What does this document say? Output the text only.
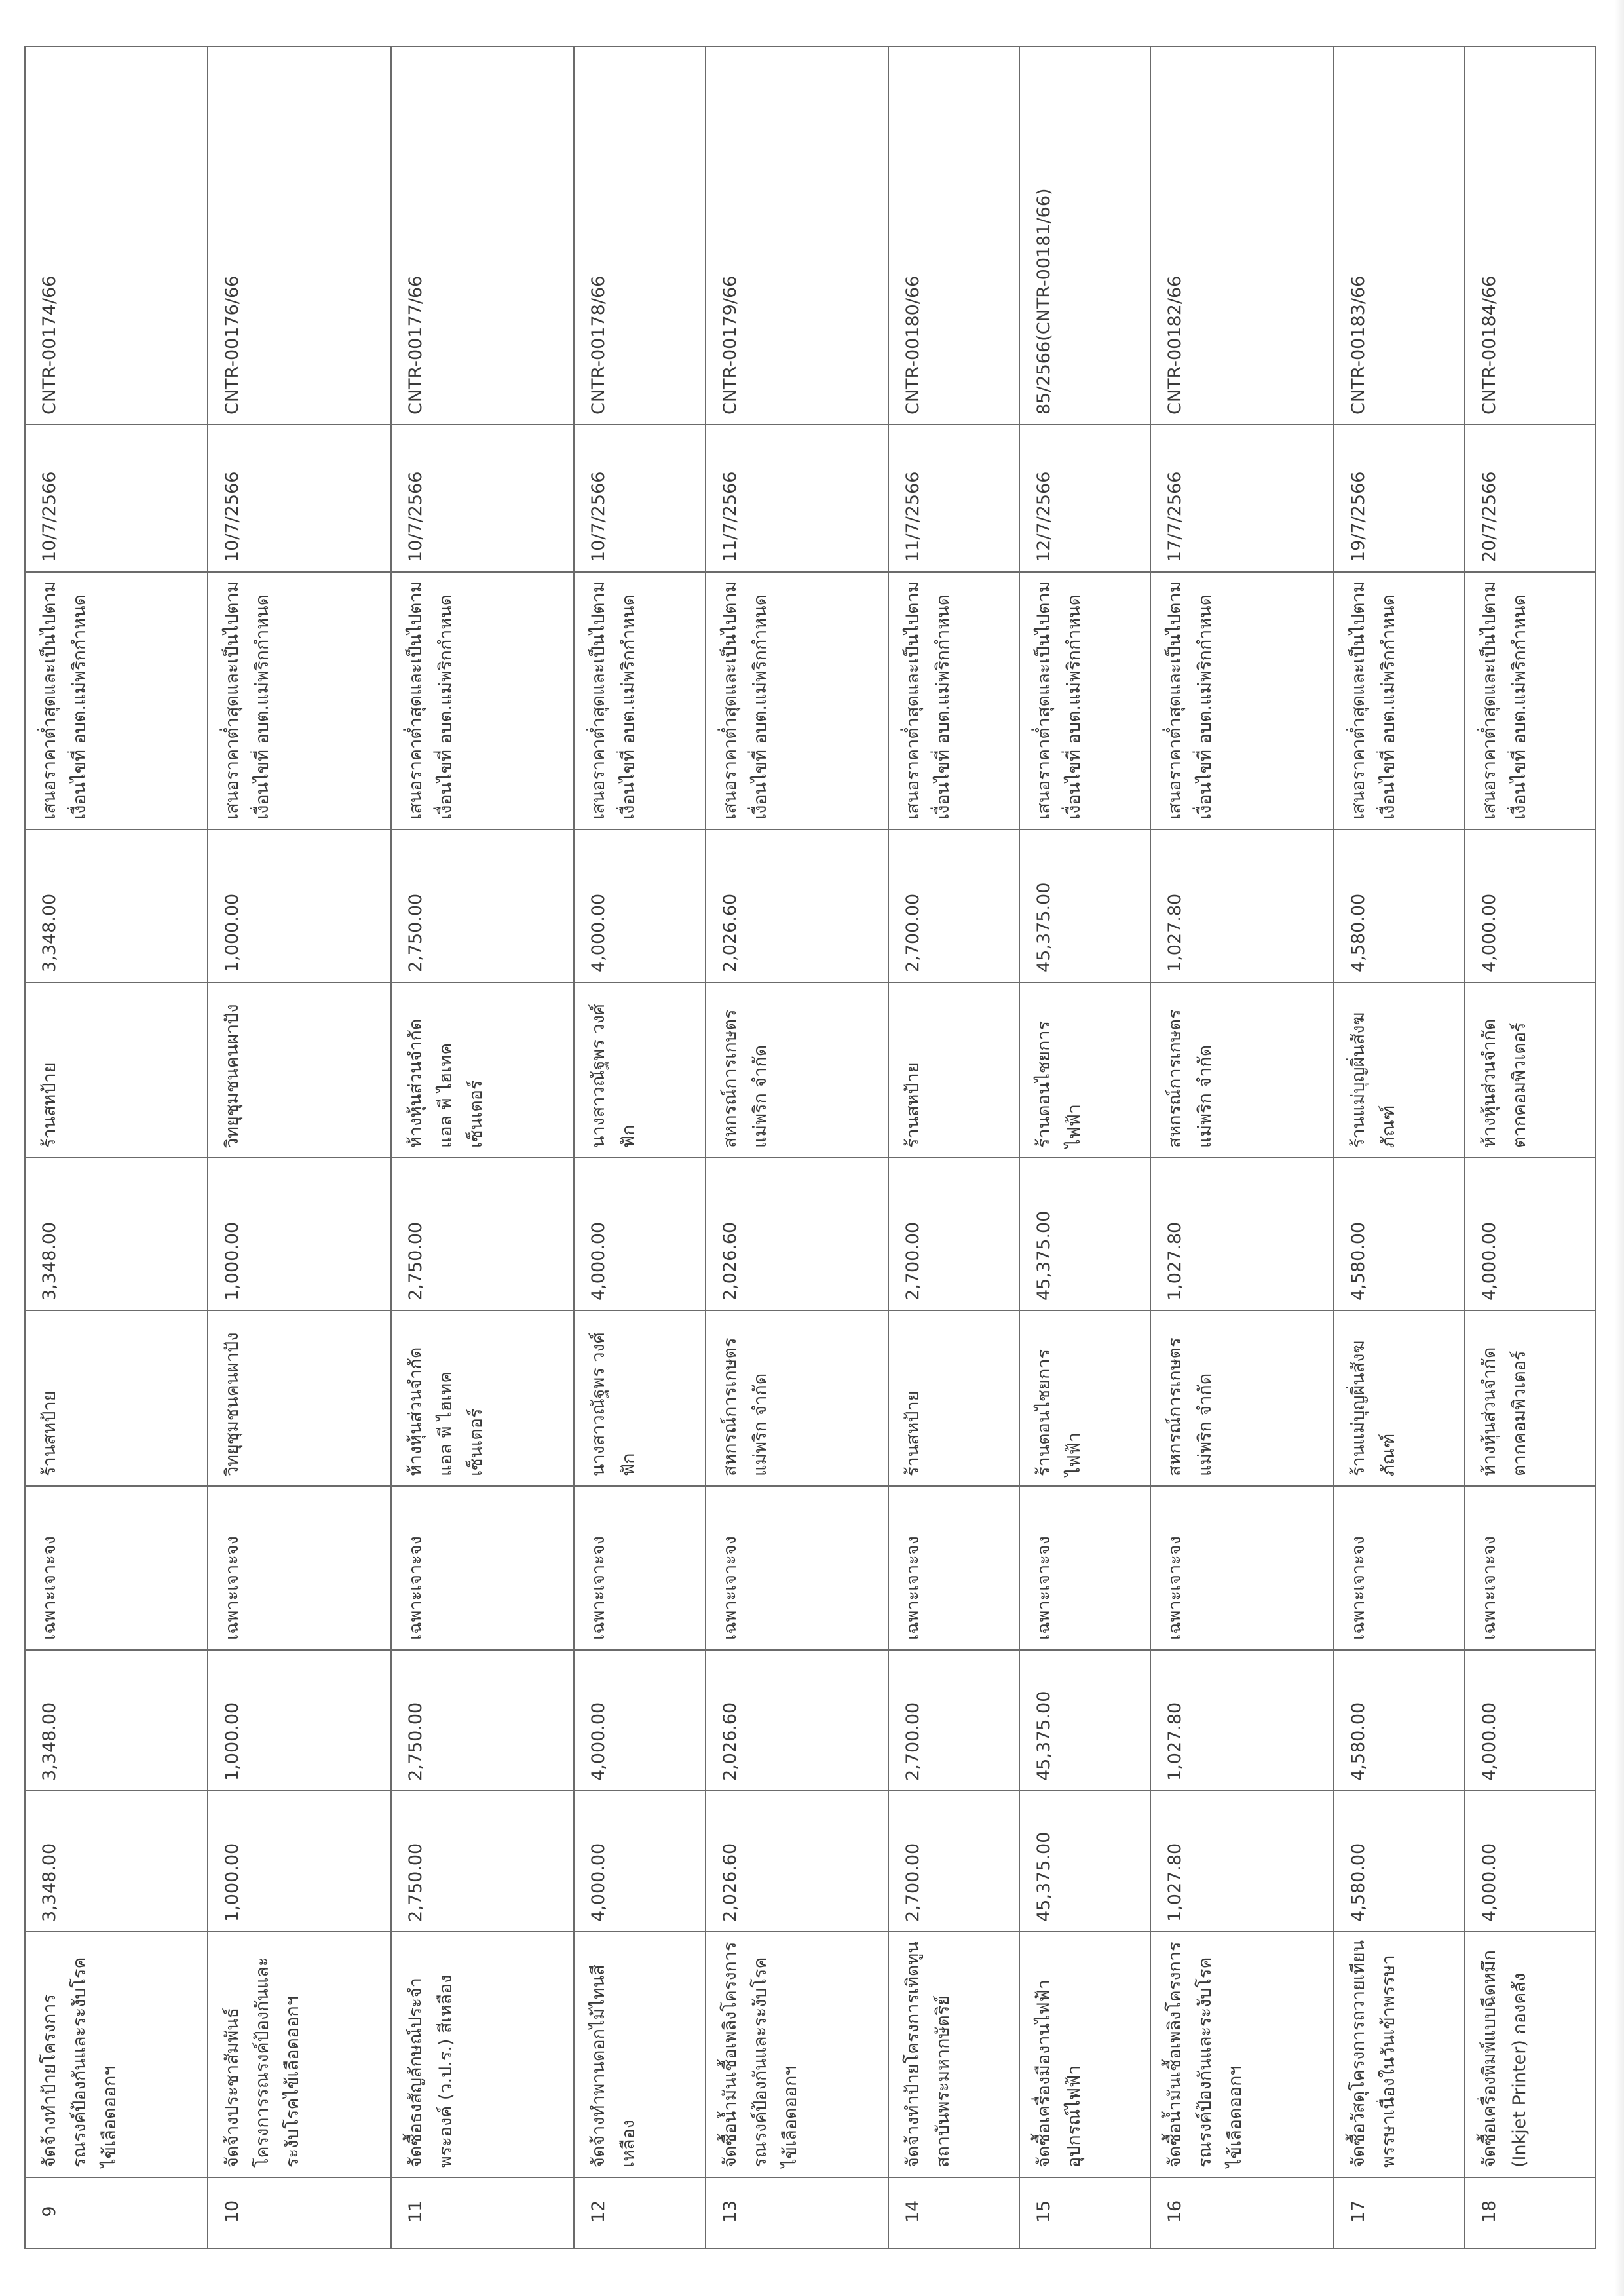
9	จัดจ้างทำป้ายโครงการรณรงค์ป้องกันและระงับโรคไข้เลือดออกฯ	3,348.00	3,348.00	เฉพาะเจาะจง	ร้านสหป้าย	3,348.00	ร้านสหป้าย	3,348.00	เสนอราคาต่ำสุดและเป็นไปตามเงื่อนไขที่ อบต.แม่พริกกำหนด	10/7/2566	CNTR-00174/66
10	จัดจ้างประชาสัมพันธ์โครงการรณรงค์ป้องกันและระงับโรคไข้เลือดออกฯ	1,000.00	1,000.00	เฉพาะเจาะจง	วิทยุชุมชนคนผาปัง	1,000.00	วิทยุชุมชนคนผาปัง	1,000.00	เสนอราคาต่ำสุดและเป็นไปตามเงื่อนไขที่ อบต.แม่พริกกำหนด	10/7/2566	CNTR-00176/66
11	จัดซื้อธงสัญลักษณ์ประจำพระองค์ (ว.ป.ร.) สีเหลือง	2,750.00	2,750.00	เฉพาะเจาะจง	ห้างหุ้นส่วนจำกัด แอล พี ไฮเทค เซ็นเตอร์	2,750.00	ห้างหุ้นส่วนจำกัด แอล พี ไฮเทค เซ็นเตอร์	2,750.00	เสนอราคาต่ำสุดและเป็นไปตามเงื่อนไขที่ อบต.แม่พริกกำหนด	10/7/2566	CNTR-00177/66
12	จัดจ้างทำพานดอกไม้ไทนสีเหลือง	4,000.00	4,000.00	เฉพาะเจาะจง	นางสาวณัฐพร วงศ์ฟัก	4,000.00	นางสาวณัฐพร วงศ์ฟัก	4,000.00	เสนอราคาต่ำสุดและเป็นไปตามเงื่อนไขที่ อบต.แม่พริกกำหนด	10/7/2566	CNTR-00178/66
13	จัดซื้อน้ำมันเชื้อเพลิงโครงการรณรงค์ป้องกันและระงับโรคไข้เลือดออกฯ	2,026.60	2,026.60	เฉพาะเจาะจง	สหกรณ์การเกษตรแม่พริก จำกัด	2,026.60	สหกรณ์การเกษตรแม่พริก จำกัด	2,026.60	เสนอราคาต่ำสุดและเป็นไปตามเงื่อนไขที่ อบต.แม่พริกกำหนด	11/7/2566	CNTR-00179/66
14	จัดจ้างทำป้ายโครงการเทิดทูนสถาบันพระมหากษัตริย์	2,700.00	2,700.00	เฉพาะเจาะจง	ร้านสหป้าย	2,700.00	ร้านสหป้าย	2,700.00	เสนอราคาต่ำสุดและเป็นไปตามเงื่อนไขที่ อบต.แม่พริกกำหนด	11/7/2566	CNTR-00180/66
15	จัดซื้อเครื่องมืองานไฟฟ้า อุปกรณ์ไฟฟ้า	45,375.00	45,375.00	เฉพาะเจาะจง	ร้านตอนไชยการไฟฟ้า	45,375.00	ร้านดอนไชยการไฟฟ้า	45,375.00	เสนอราคาต่ำสุดและเป็นไปตามเงื่อนไขที่ อบต.แม่พริกกำหนด	12/7/2566	85/2566(CNTR-00181/66)
16	จัดซื้อน้ำมันเชื้อเพลิงโครงการรณรงค์ป้องกันและระงับโรคไข้เลือดออกฯ	1,027.80	1,027.80	เฉพาะเจาะจง	สหกรณ์การเกษตรแม่พริก จำกัด	1,027.80	สหกรณ์การเกษตรแม่พริก จำกัด	1,027.80	เสนอราคาต่ำสุดและเป็นไปตามเงื่อนไขที่ อบต.แม่พริกกำหนด	17/7/2566	CNTR-00182/66
17	จัดซื้อวัสดุโครงการถวายเทียนพรรษาเนื่องในวันเข้าพรรษา	4,580.00	4,580.00	เฉพาะเจาะจง	ร้านแม่บุญผิ่นสังฆภัณฑ์	4,580.00	ร้านแม่บุญผิ่นสังฆภัณฑ์	4,580.00	เสนอราคาต่ำสุดและเป็นไปตามเงื่อนไขที่ อบต.แม่พริกกำหนด	19/7/2566	CNTR-00183/66
18	จัดซื้อเครื่องพิมพ์แบบฉีดหมึก (Inkjet Printer) กองคลัง	4,000.00	4,000.00	เฉพาะเจาะจง	ห้างหุ้นส่วนจำกัด ตากคอมพิวเตอร์	4,000.00	ห้างหุ้นส่วนจำกัด ตากคอมพิวเตอร์	4,000.00	เสนอราคาต่ำสุดและเป็นไปตามเงื่อนไขที่ อบต.แม่พริกกำหนด	20/7/2566	CNTR-00184/66
